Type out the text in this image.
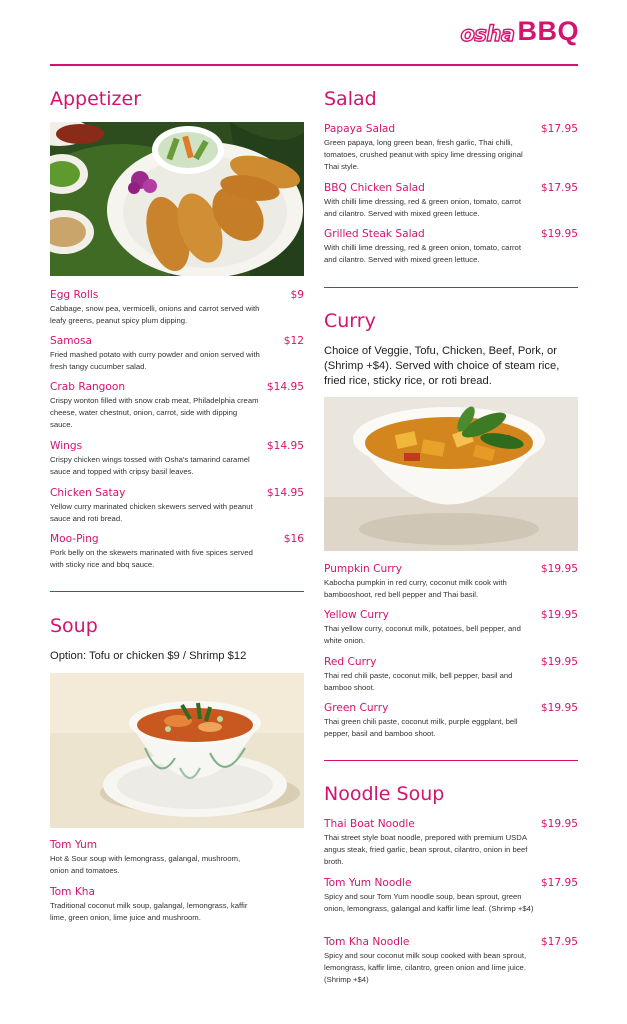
osha BBQ
Appetizer
Egg Rolls	$9
Cabbage, snow pea, vermicelli, onions and carrot served with leafy greens, peanut spicy plum dipping.
Samosa	$12
Fried mashed potato with curry powder and onion served with fresh tangy cucumber salad.
Crab Rangoon	$14.95
Crispy wonton filled with snow crab meat, Philadelphia cream cheese, water chestnut, onion, carrot, side with dipping sauce.
Wings	$14.95
Crispy chicken wings tossed with Osha's tamarind caramel sauce and topped with cripsy basil leaves.
Chicken Satay	$14.95
Yellow curry marinated chicken skewers served with peanut sauce and roti bread.
Moo-Ping	$16
Pork belly on the skewers marinated with five spices served with sticky rice and bbq sauce.
Soup
Option: Tofu or chicken $9 / Shrimp $12
Tom Yum
Hot & Sour soup with lemongrass, galangal, mushroom, onion and tomatoes.
Tom Kha
Traditional coconut milk soup, galangal, lemongrass, kaffir lime, green onion, lime juice and mushroom.
Salad
Papaya Salad	$17.95
Green papaya, long green bean, fresh garlic, Thai chilli, tomatoes, crushed peanut with spicy lime dressing original Thai style.
BBQ Chicken Salad	$17.95
With chilli lime dressing, red & green onion, tomato, carrot and cilantro. Served with mixed green lettuce.
Grilled Steak Salad	$19.95
With chilli lime dressing, red & green onion, tomato, carrot and cilantro. Served with mixed green lettuce.
Curry
Choice of Veggie, Tofu, Chicken, Beef, Pork, or (Shrimp +$4). Served with choice of steam rice, fried rice, sticky rice, or roti bread.
Pumpkin Curry	$19.95
Kabocha pumpkin in red curry, coconut milk cook with bambooshoot, red bell pepper and Thai basil.
Yellow Curry	$19.95
Thai yellow curry, coconut milk, potatoes, bell pepper, and white onion.
Red Curry	$19.95
Thai red chili paste, coconut milk, bell pepper, basil and bamboo shoot.
Green Curry	$19.95
Thai green chili paste, coconut milk, purple eggplant, bell pepper, basil and bamboo shoot.
Noodle Soup
Thai Boat Noodle	$19.95
Thai street style boat noodle, prepored with premium USDA angus steak, fried garlic, bean sprout, cilantro, onion in beef broth.
Tom Yum Noodle	$17.95
Spicy and sour Tom Yum noodle soup, bean sprout, green onion, lemongrass, galangal and kaffir lime leaf. (Shrimp +$4)
Tom Kha Noodle	$17.95
Spicy and sour coconut milk soup cooked with bean sprout, lemongrass, kaffir lime, cilantro, green onion and lime juice. (Shrimp +$4)
